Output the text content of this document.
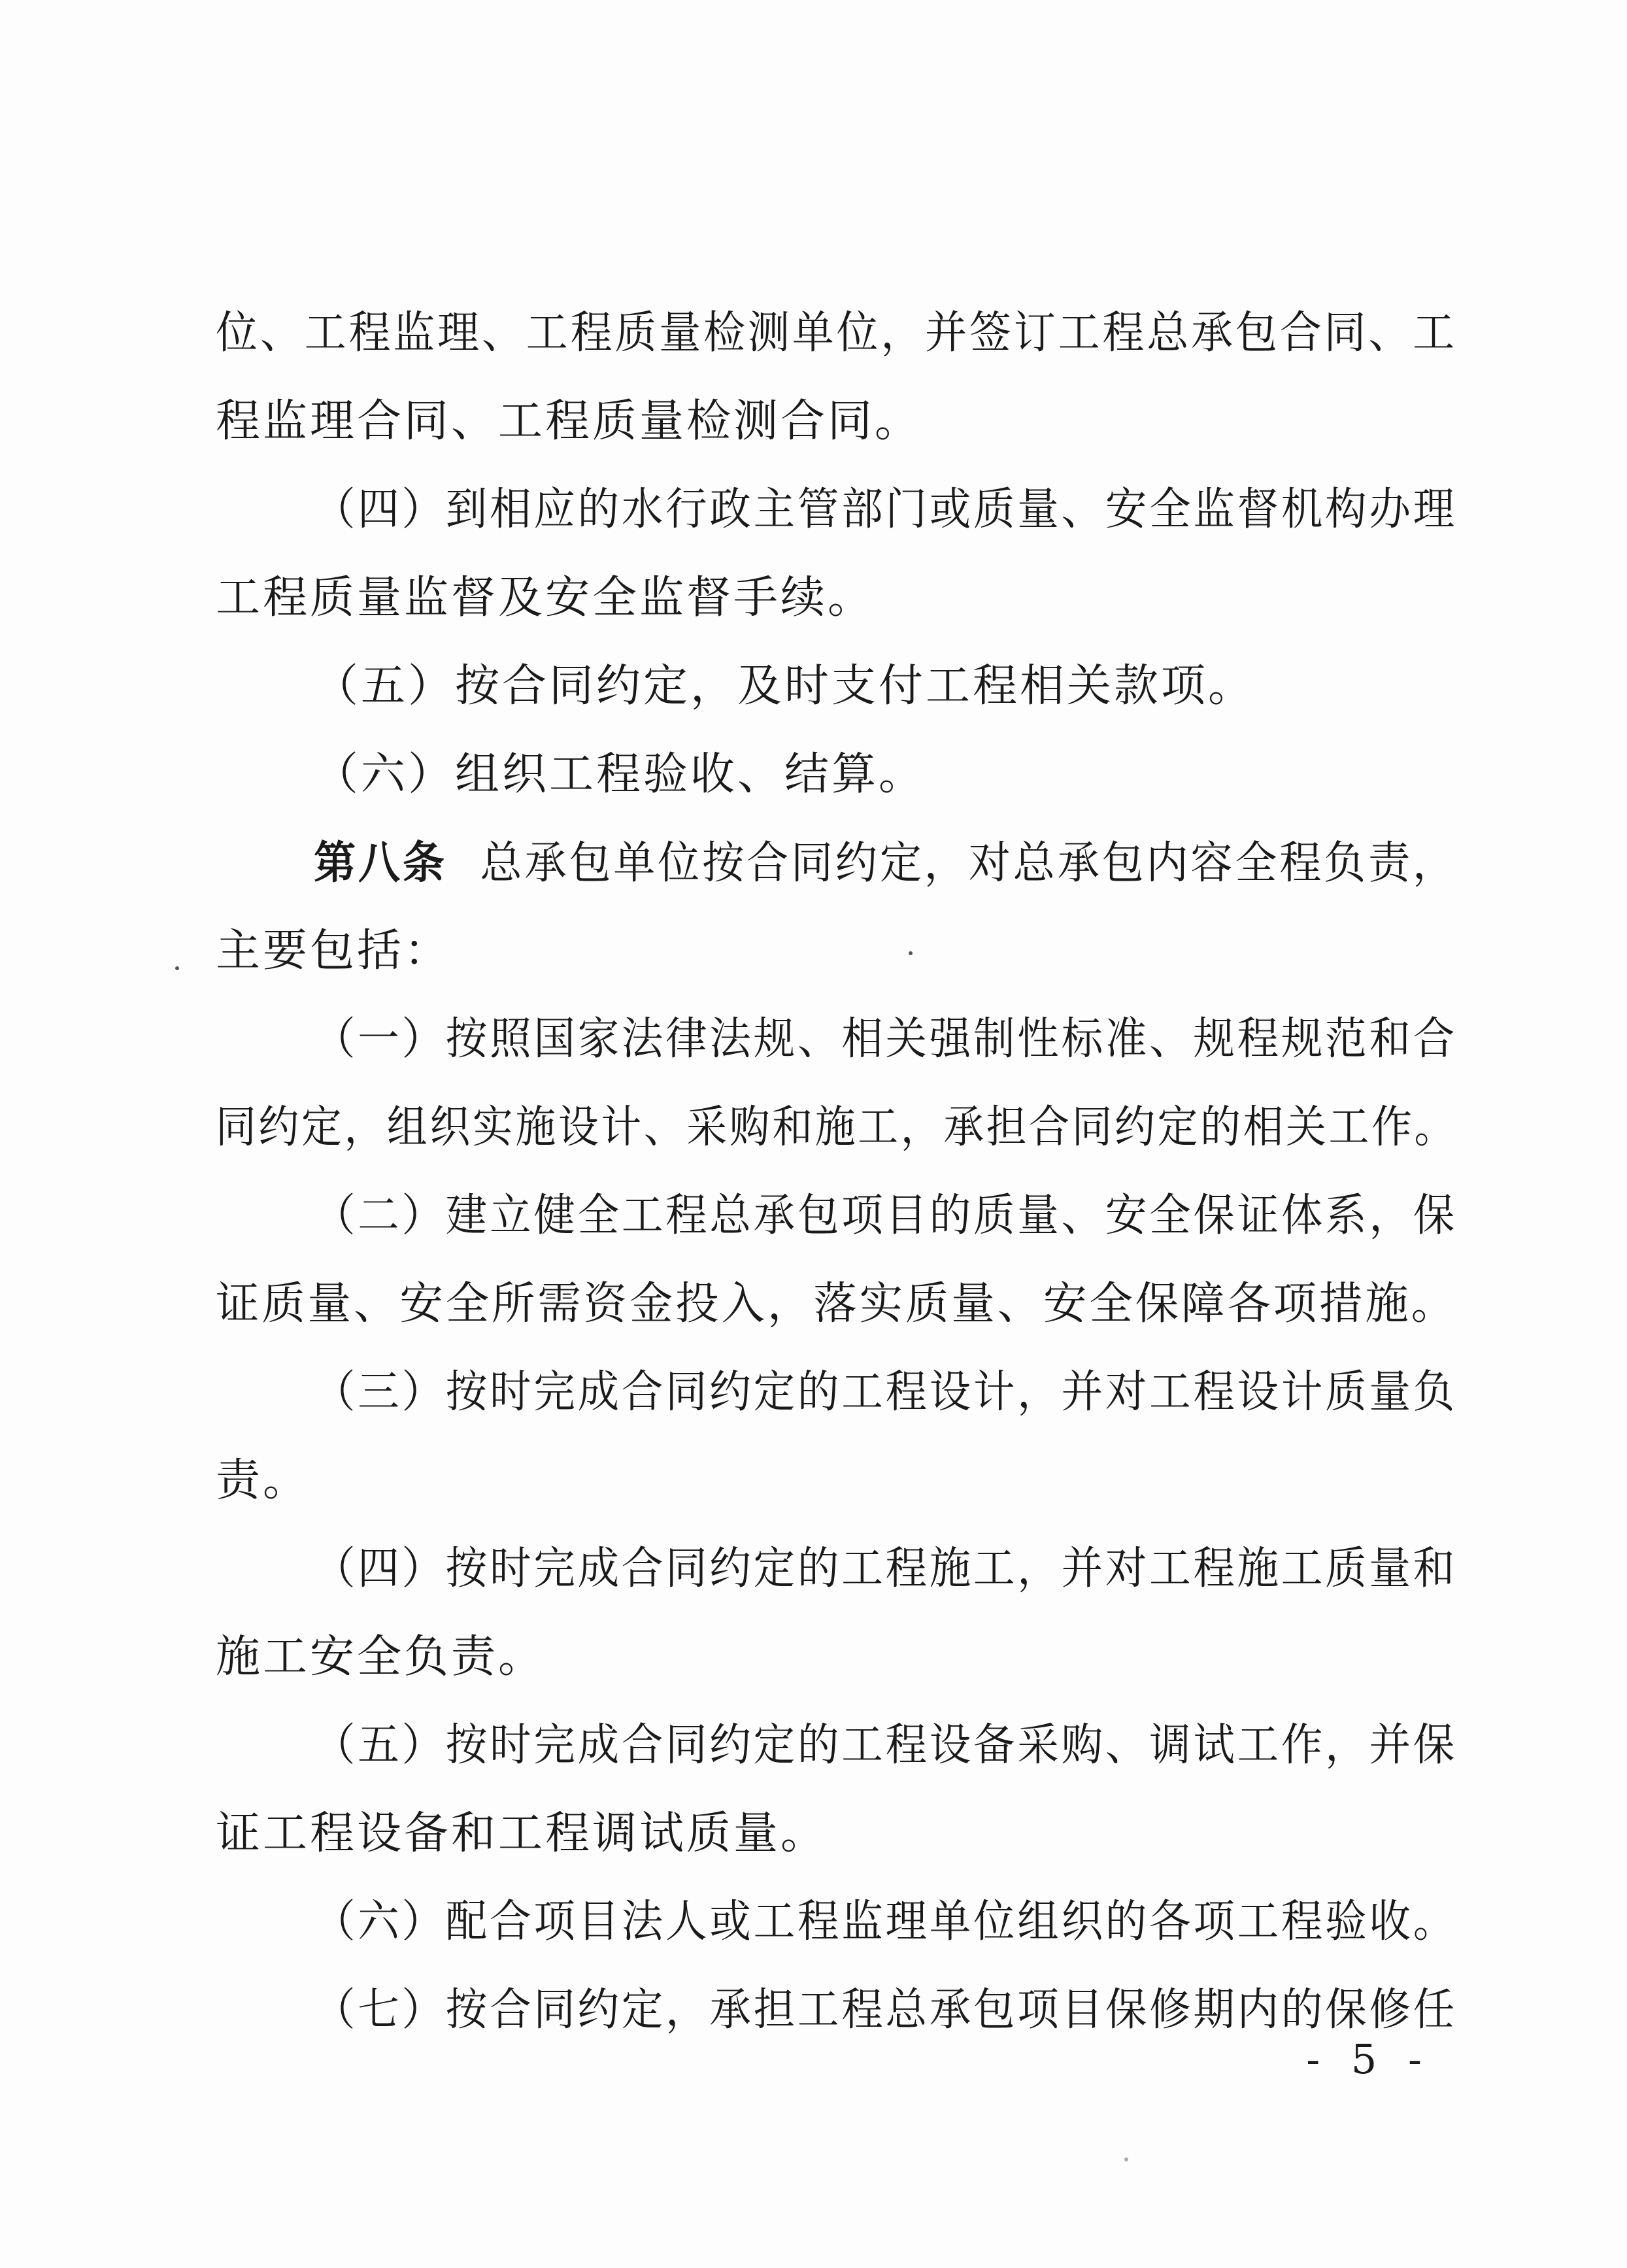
位、工程监理、工程质量检测单位，并签订工程总承包合同、工
程监理合同、工程质量检测合同。
（四）到相应的水行政主管部门或质量、安全监督机构办理
工程质量监督及安全监督手续。
（五）按合同约定，及时支付工程相关款项。
（六）组织工程验收、结算。
第八条 总承包单位按合同约定，对总承包内容全程负责，
主要包括：
（一）按照国家法律法规、相关强制性标准、规程规范和合
同约定，组织实施设计、采购和施工，承担合同约定的相关工作。
（二）建立健全工程总承包项目的质量、安全保证体系，保
证质量、安全所需资金投入，落实质量、安全保障各项措施。
（三）按时完成合同约定的工程设计，并对工程设计质量负
责。
（四）按时完成合同约定的工程施工，并对工程施工质量和
施工安全负责。
（五）按时完成合同约定的工程设备采购、调试工作，并保
证工程设备和工程调试质量。
（六）配合项目法人或工程监理单位组织的各项工程验收。
（七）按合同约定，承担工程总承包项目保修期内的保修任
- 5 -
